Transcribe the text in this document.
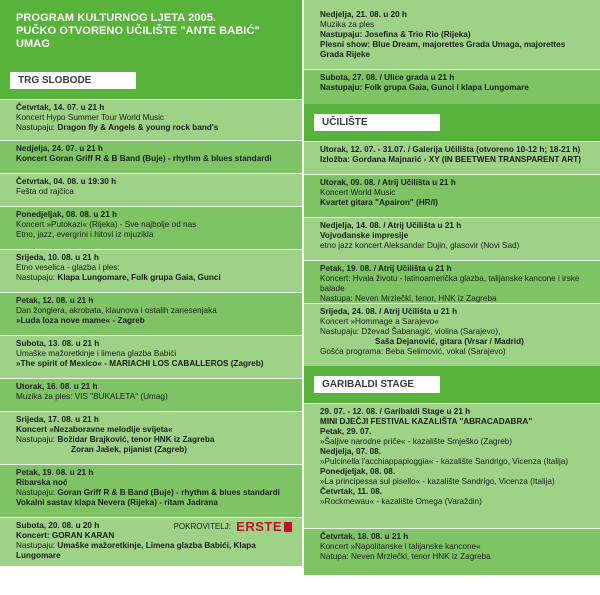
PROGRAM KULTURNOG LJETA 2005.
PUČKO OTVORENO UČILIŠTE "ANTE BABIĆ" UMAG
TRG SLOBODE
Četvrtak, 14. 07. u 21 h
Koncert Hypo Summer Tour World Music
Nastupaju: Dragon fly & Angels & young rock band's
Nedjelja, 24. 07. u 21 h
Koncert Goran Griff R & B Band (Buje) - rhythm & blues standardi
Četvrtak, 04. 08. u 19:30 h
Fešta od rajčica
Ponedjeljak, 08. 08. u 21 h
Koncert »Putokazi« (Rijeka) - Sve najbolje od nas
Etno, jazz, evergrini i hitovi iz mjuzikla
Srijeda, 10. 08. u 21 h
Etno veselica - glazba i ples:
Nastupaju: Klapa Lungomare, Folk grupa Gaia, Gunci
Petak, 12. 08. u 21 h
Dan žonglera, akrobata, klaunova i ostalih zanesenjaka
»Luda loza nove mame« - Zagreb
Subota, 13. 08. u 21 h
Umaške mažoretkinje i limena glazba Babići
»The spirit of Mexico« - MARIACHI LOS CABALLEROS (Zagreb)
Utorak, 16. 08. u 21 h
Muzika za ples: VIS "BUKALETA" (Umag)
Srijeda, 17. 08. u 21 h
Koncert »Nezaboravne melodije svijeta«
Nastupaju: Božidar Brajković, tenor HNK iz Zagreba
Zoran Jašek, pijanist (Zagreb)
Petak, 19. 08. u 21 h
Ribarska noć
Nastupaju: Goran Griff R & B Band (Buje) - rhythm & blues standardi
Vokalni sastav klapa Nevera (Rijeka) - ritam Jadrana
Subota, 20. 08. u 20 h
Koncert: GORAN KARAN
Nastupaju: Umaške mažoretkinje, Limena glazba Babići, Klapa Lungomare
POKROVITELJ: ERSTE
Nedjelja, 21. 08. u 20 h
Muzika za ples
Nastupaju: Josefina & Trio Rio (Rijeka)
Plesni show: Blue Dream, majorettes Grada Umaga, majorettes Grada Rijeke
Subota, 27. 08. / Ulice grada u 21 h
Nastupaju: Folk grupa Gaia, Gunci i klapa Lungomare
UČILIŠTE
Utorak, 12. 07. - 31.07. / Galerija Učilišta (otvoreno 10-12 h; 18-21 h)
Izložba: Gordana Majnarić - XY (IN BEETWEN TRANSPARENT ART)
Utorak, 09. 08. / Atrij Učilišta u 21 h
Koncert World Music
Kvartet gitara "Apairon" (HR/I)
Nedjelja, 14. 08. / Atrij Učilišta u 21 h
Vojvođanske impresije
etno jazz koncert Aleksandar Dujin, glasovir (Novi Sad)
Petak, 19. 08. / Atrij Učilišta u 21 h
Koncert: Hvala životu - latinoamerička glazba, talijanske kancone i irske balade
Nastupa: Neven Mrzlečki, tenor, HNK iz Zagreba
Srijeda, 24. 08. / Atrij Učilišta u 21 h
Koncert »Hommage a Sarajevo«
Nastupaju: Dževad Šabanagić, violina (Sarajevo),
Saša Dejanović, gitara (Vrsar / Madrid)
Gošća programa: Beba Selimović, vokal (Sarajevo)
GARIBALDI STAGE
29. 07. - 12. 08. / Garibaldi Stage u 21 h
MINI DJEČJI FESTIVAL KAZALIŠTA "ABRACADABRA"
Petak, 29. 07.
»Šaljive narodne priče« - kazalište Smješko (Zagreb)
Nedjelja, 07. 08.
»Pulcinella l'acchiappapioggia« - kazalište Sandrigo, Vicenza (Italija)
Ponedjeljak, 08. 08.
»La principessa sul pisello« - kazalište Sandrigo, Vicenza (Italija)
Četvrtak, 11. 08.
»Rockmewau« - kazalište Omega (Varaždin)
Četvrtak, 18. 08. u 21 h
Koncert »Napolitanske i talijanske kancone«
Natupa: Neven Mrzlečki, tenor HNK iz Zagreba
